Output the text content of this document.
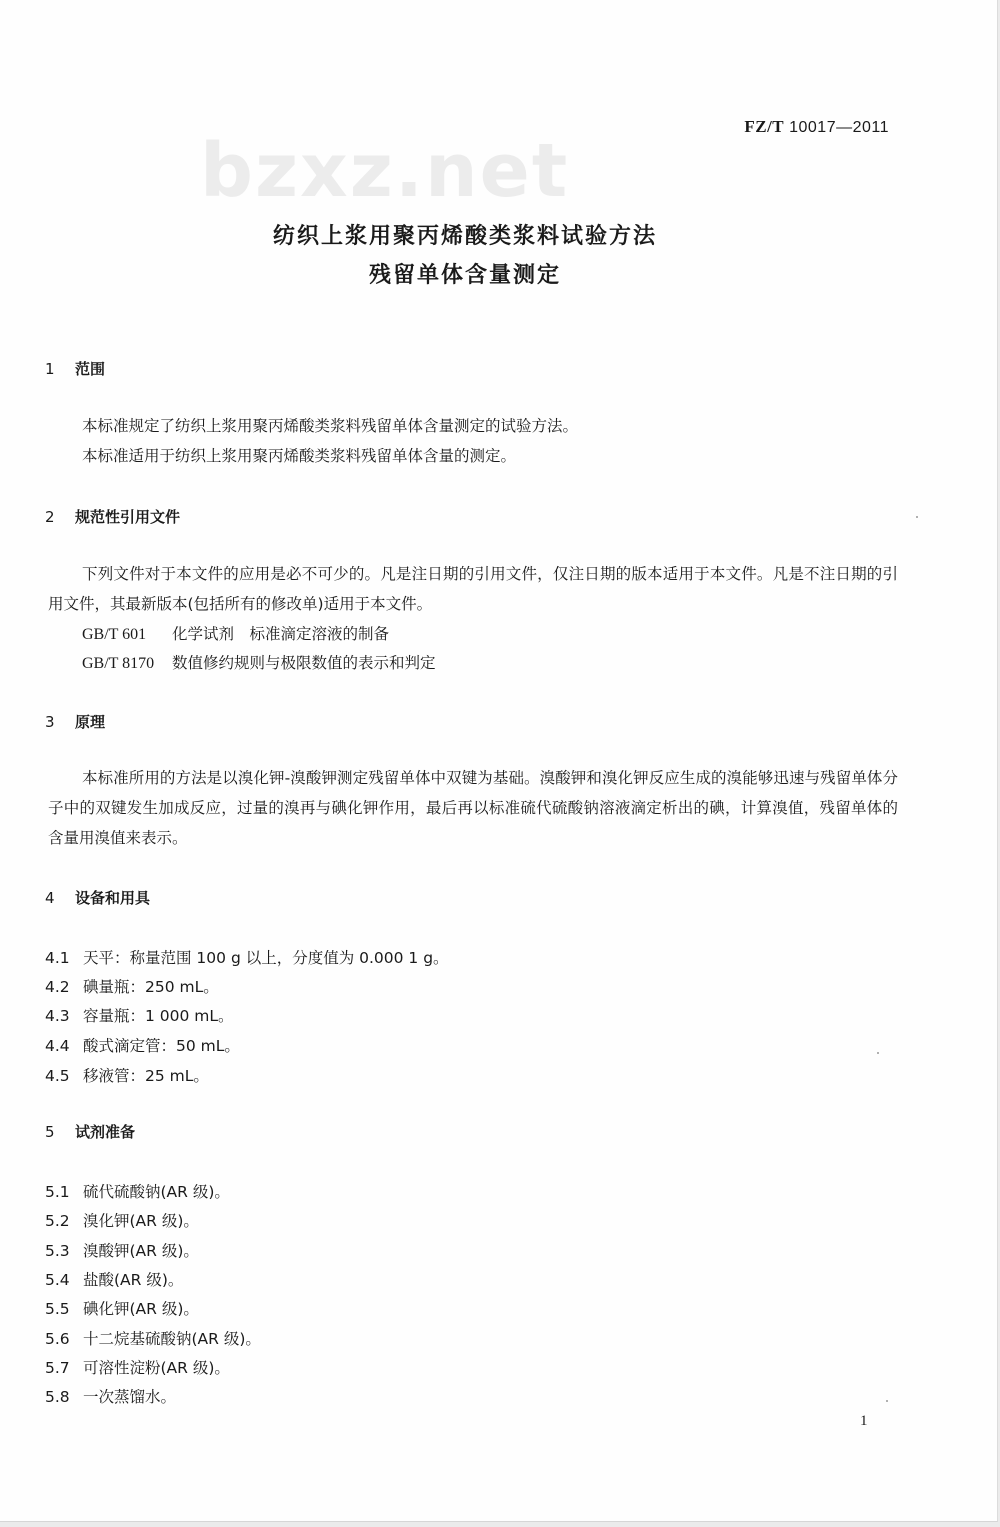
bzxz.net
FZ/T 10017—2011
纺织上浆用聚丙烯酸类浆料试验方法
残留单体含量测定
1 范围
本标准规定了纺织上浆用聚丙烯酸类浆料残留单体含量测定的试验方法。
本标准适用于纺织上浆用聚丙烯酸类浆料残留单体含量的测定。
2 规范性引用文件
下列文件对于本文件的应用是必不可少的。凡是注日期的引用文件，仅注日期的版本适用于本文件。凡是不注日期的引用文件，其最新版本(包括所有的修改单)适用于本文件。
GB/T 601 化学试剂　标准滴定溶液的制备
GB/T 8170 数值修约规则与极限数值的表示和判定
3 原理
本标准所用的方法是以溴化钾-溴酸钾测定残留单体中双键为基础。溴酸钾和溴化钾反应生成的溴能够迅速与残留单体分子中的双键发生加成反应，过量的溴再与碘化钾作用，最后再以标准硫代硫酸钠溶液滴定析出的碘，计算溴值，残留单体的含量用溴值来表示。
4 设备和用具
4.1 天平：称量范围 100 g 以上，分度值为 0.000 1 g。
4.2 碘量瓶：250 mL。
4.3 容量瓶：1 000 mL。
4.4 酸式滴定管：50 mL。
4.5 移液管：25 mL。
5 试剂准备
5.1 硫代硫酸钠(AR 级)。
5.2 溴化钾(AR 级)。
5.3 溴酸钾(AR 级)。
5.4 盐酸(AR 级)。
5.5 碘化钾(AR 级)。
5.6 十二烷基硫酸钠(AR 级)。
5.7 可溶性淀粉(AR 级)。
5.8 一次蒸馏水。
1
